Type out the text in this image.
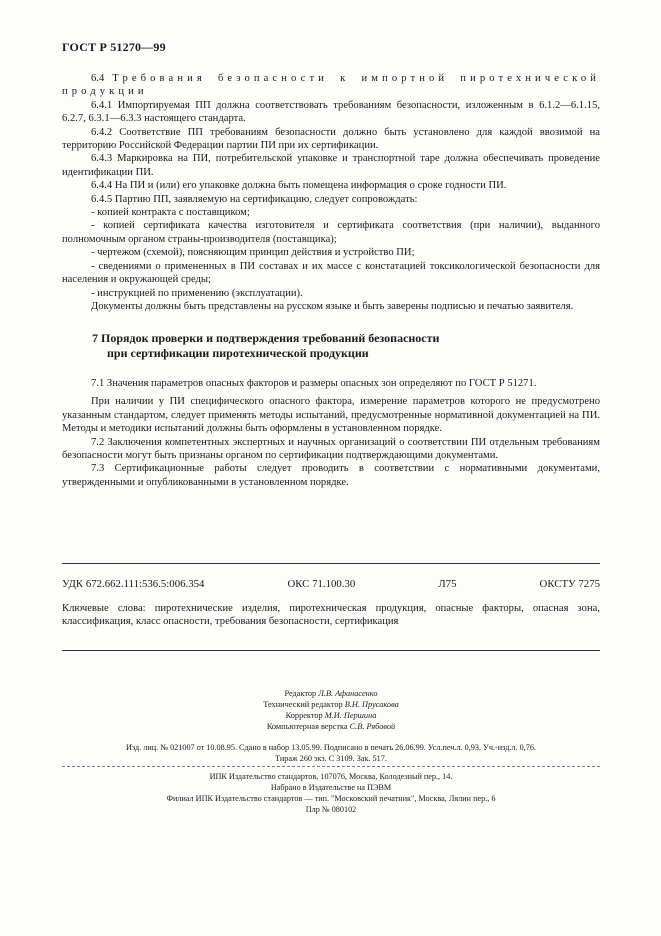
ГОСТ Р 51270—99

6.4 Требования безопасности к импортной пиротехнической продукции

6.4.1 Импортируемая ПП должна соответствовать требованиям безопасности, изложенным в 6.1.2—6.1.15, 6.2.7, 6.3.1—6.3.3 настоящего стандарта.

6.4.2 Соответствие ПП требованиям безопасности должно быть установлено для каждой ввозимой на территорию Российской Федерации партии ПИ при их сертификации.

6.4.3 Маркировка на ПИ, потребительской упаковке и транспортной таре должна обеспечивать проведение идентификации ПИ.

6.4.4 На ПИ и (или) его упаковке должна быть помещена информация о сроке годности ПИ.

6.4.5 Партию ПП, заявляемую на сертификацию, следует сопровождать:

- копией контракта с поставщиком;

- копией сертификата качества изготовителя и сертификата соответствия (при наличии), выданного полномочным органом страны-производителя (поставщика);

- чертежом (схемой), поясняющим принцип действия и устройство ПИ;

- сведениями о примененных в ПИ составах и их массе с констатацией токсикологической безопасности для населения и окружающей среды;

- инструкцией по применению (эксплуатации).

Документы должны быть представлены на русском языке и быть заверены подписью и печатью заявителя.

7 Порядок проверки и подтверждения требований безопасности
при сертификации пиротехнической продукции

7.1 Значения параметров опасных факторов и размеры опасных зон определяют по ГОСТ Р 51271.

При наличии у ПИ специфического опасного фактора, измерение параметров которого не предусмотрено указанным стандартом, следует применять методы испытаний, предусмотренные нормативной документацией на ПИ. Методы и методики испытаний должны быть оформлены в установленном порядке.

7.2 Заключения компетентных экспертных и научных организаций о соответствии ПИ отдельным требованиям безопасности могут быть признаны органом по сертификации подтверждающими документами.

7.3 Сертификационные работы следует проводить в соответствии с нормативными документами, утвержденными и опубликованными в установленном порядке.

УДК 672.662.111:536.5:006.354	ОКС 71.100.30	Л75	ОКСТУ 7275
Ключевые слова: пиротехнические изделия, пиротехническая продукция, опасные факторы, опасная зона, классификация, класс опасности, требования безопасности, сертификация
Редактор Л.В. Афанасенко
Технический редактор В.Н. Прусакова
Корректор М.И. Першина
Компьютерная верстка С.В. Рябовой
Изд. лиц. № 021007 от 10.08.95. Сдано в набор 13.05.99. Подписано в печать 26.06.99. Усл.печ.л. 0,93. Уч.-изд.л. 0,76.
Тираж 260 экз. С 3109. Зак. 517.
ИПК Издательство стандартов, 107076, Москва, Колодезный пер., 14.
Набрано в Издательстве на ПЭВМ
Филиал ИПК Издательство стандартов — тип. "Московский печатник", Москва, Лялин пер., 6
Плр № 080102
